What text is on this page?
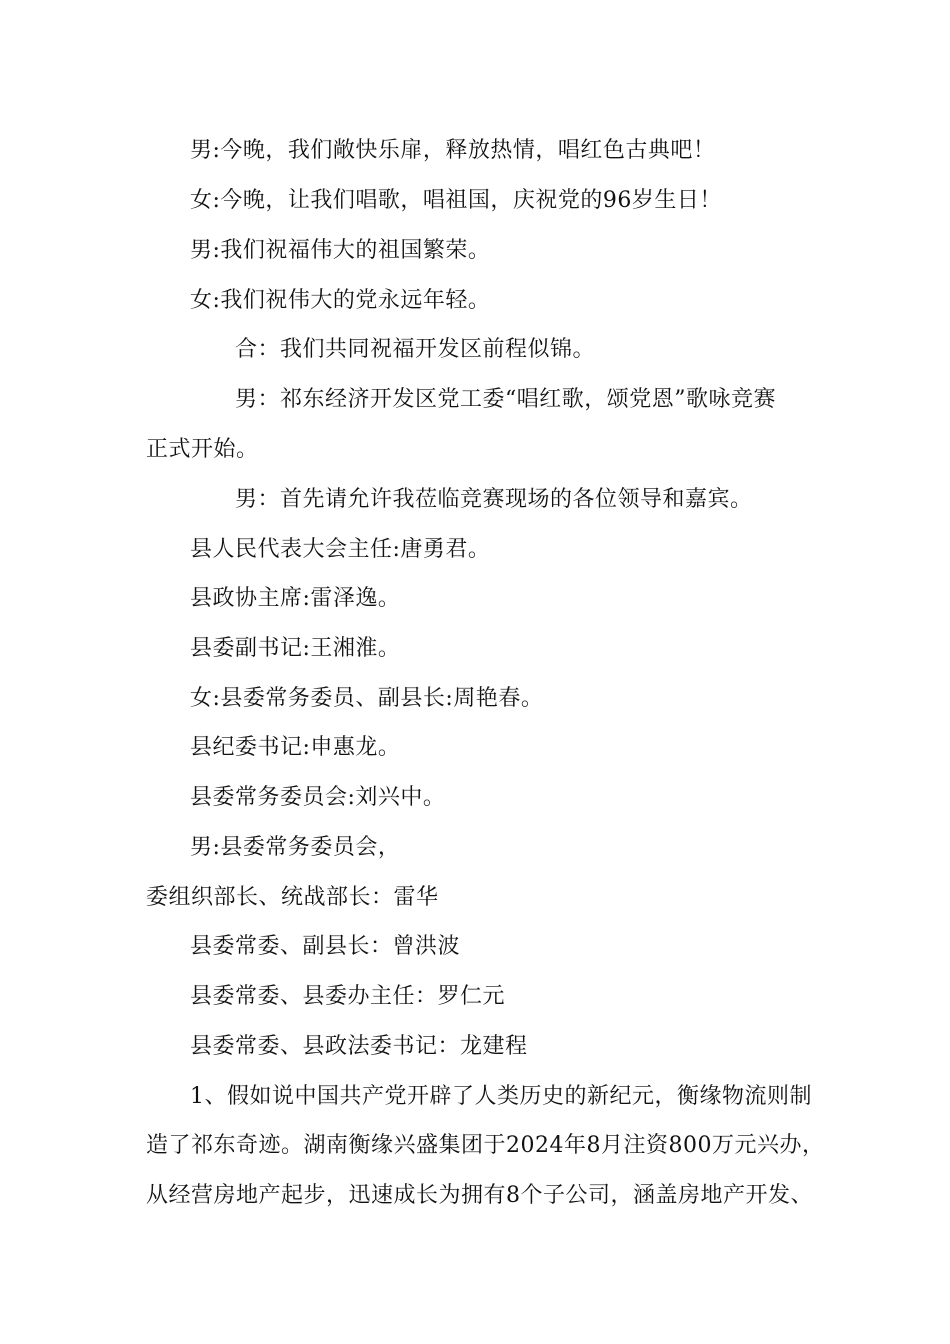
男:今晚，我们敞快乐扉，释放热情，唱红色古典吧！
女:今晚，让我们唱歌，唱祖国，庆祝党的96岁生日！
男:我们祝福伟大的祖国繁荣。
女:我们祝伟大的党永远年轻。
合：我们共同祝福开发区前程似锦。
男：祁东经济开发区党工委“唱红歌，颂党恩”歌咏竞赛
正式开始。
男：首先请允许我莅临竞赛现场的各位领导和嘉宾。
县人民代表大会主任:唐勇君。
县政协主席:雷泽逸。
县委副书记:王湘淮。
女:县委常务委员、副县长:周艳春。
县纪委书记:申惠龙。
县委常务委员会:刘兴中。
男:县委常务委员会，
委组织部长、统战部长：雷华
县委常委、副县长：曾洪波
县委常委、县委办主任：罗仁元
县委常委、县政法委书记：龙建程
1、假如说中国共产党开辟了人类历史的新纪元，衡缘物流则制
造了祁东奇迹。湖南衡缘兴盛集团于2024年8月注资800万元兴办，
从经营房地产起步，迅速成长为拥有8个子公司，涵盖房地产开发、
